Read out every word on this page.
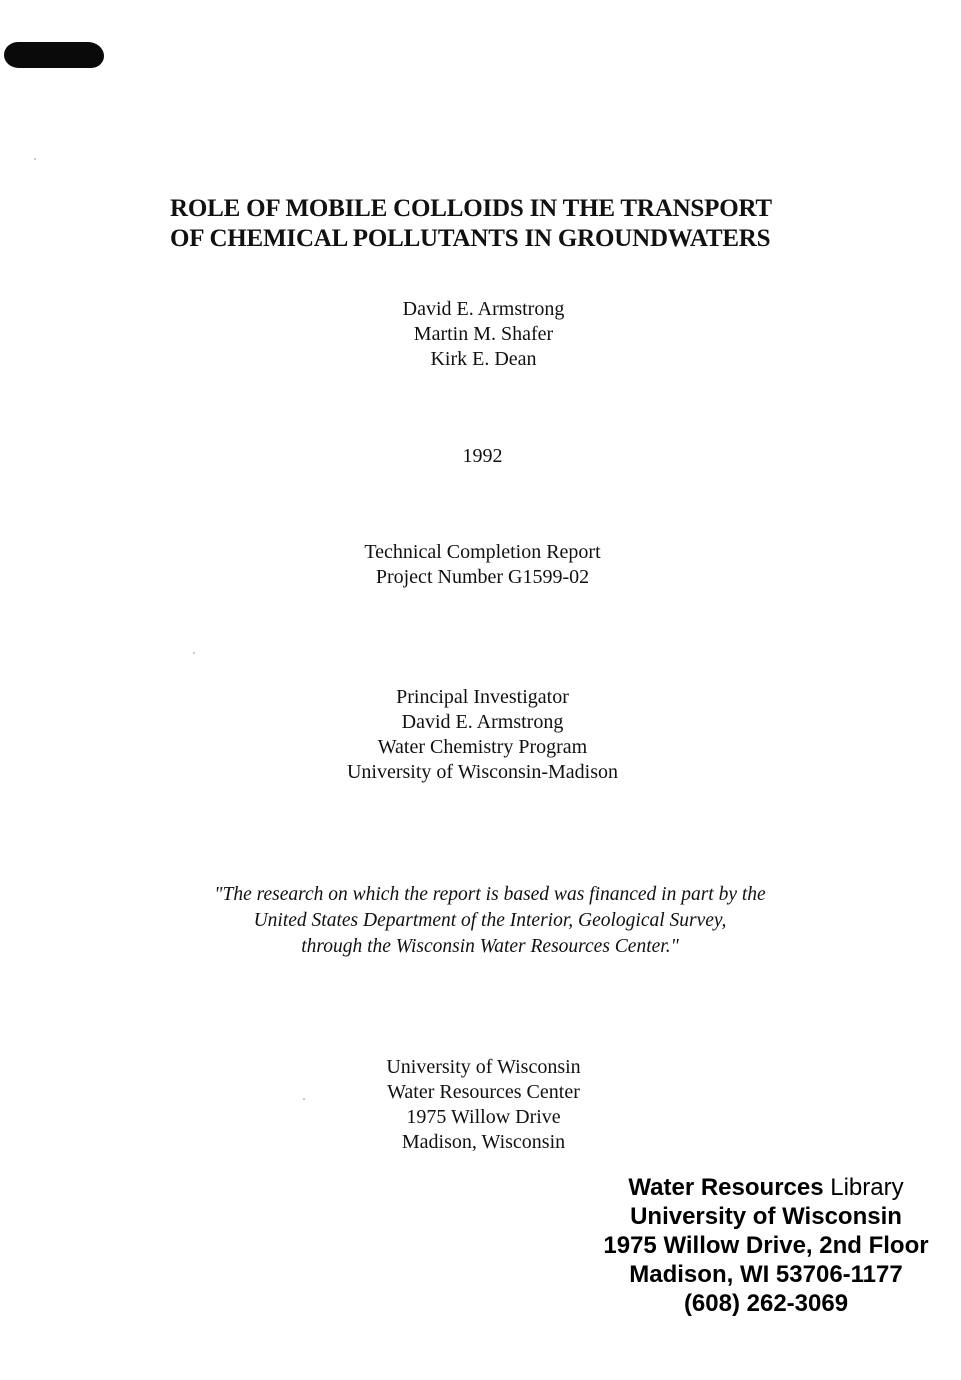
ROLE OF MOBILE COLLOIDS IN THE TRANSPORT
OF CHEMICAL POLLUTANTS IN GROUNDWATERS
David E. Armstrong
Martin M. Shafer
Kirk E. Dean
1992
Technical Completion Report
Project Number G1599-02
Principal Investigator
David E. Armstrong
Water Chemistry Program
University of Wisconsin-Madison
"The research on which the report is based was financed in part by the
United States Department of the Interior, Geological Survey,
through the Wisconsin Water Resources Center."
University of Wisconsin
Water Resources Center
1975 Willow Drive
Madison, Wisconsin
Water Resources Library
University of Wisconsin
1975 Willow Drive, 2nd Floor
Madison, WI 53706-1177
(608) 262-3069
